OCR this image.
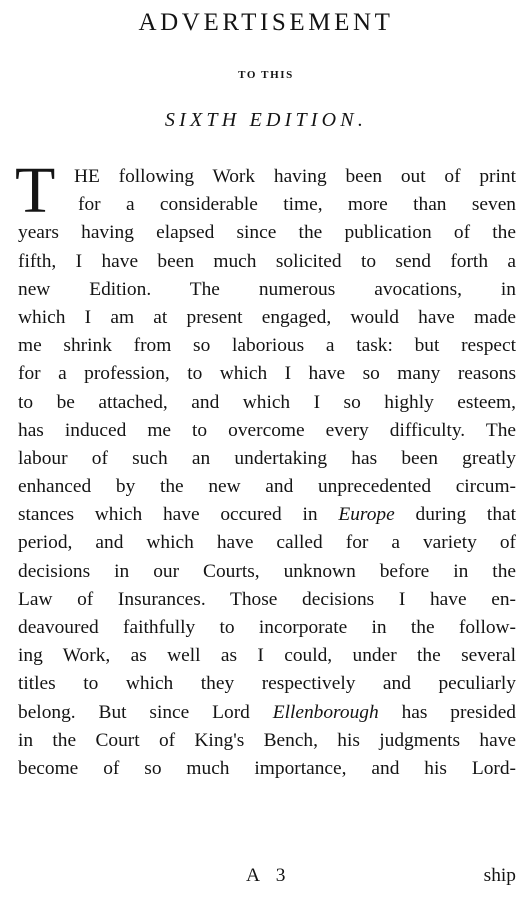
ADVERTISEMENT
TO THIS
SIXTH EDITION.
T HE following Work having been out of print
for a considerable time, more than seven
years having elapsed since the publication of the
fifth, I have been much solicited to send forth a
new Edition. The numerous avocations, in
which I am at present engaged, would have made
me shrink from so laborious a task: but respect
for a profession, to which I have so many reasons
to be attached, and which I so highly esteem,
has induced me to overcome every difficulty. The
labour of such an undertaking has been greatly
enhanced by the new and unprecedented circum-
stances which have occured in Europe during that
period, and which have called for a variety of
decisions in our Courts, unknown before in the
Law of Insurances. Those decisions I have en-
deavoured faithfully to incorporate in the follow-
ing Work, as well as I could, under the several
titles to which they respectively and peculiarly
belong. But since Lord Ellenborough has presided
in the Court of King's Bench, his judgments have
become of so much importance, and his Lord-
A 3	ship
